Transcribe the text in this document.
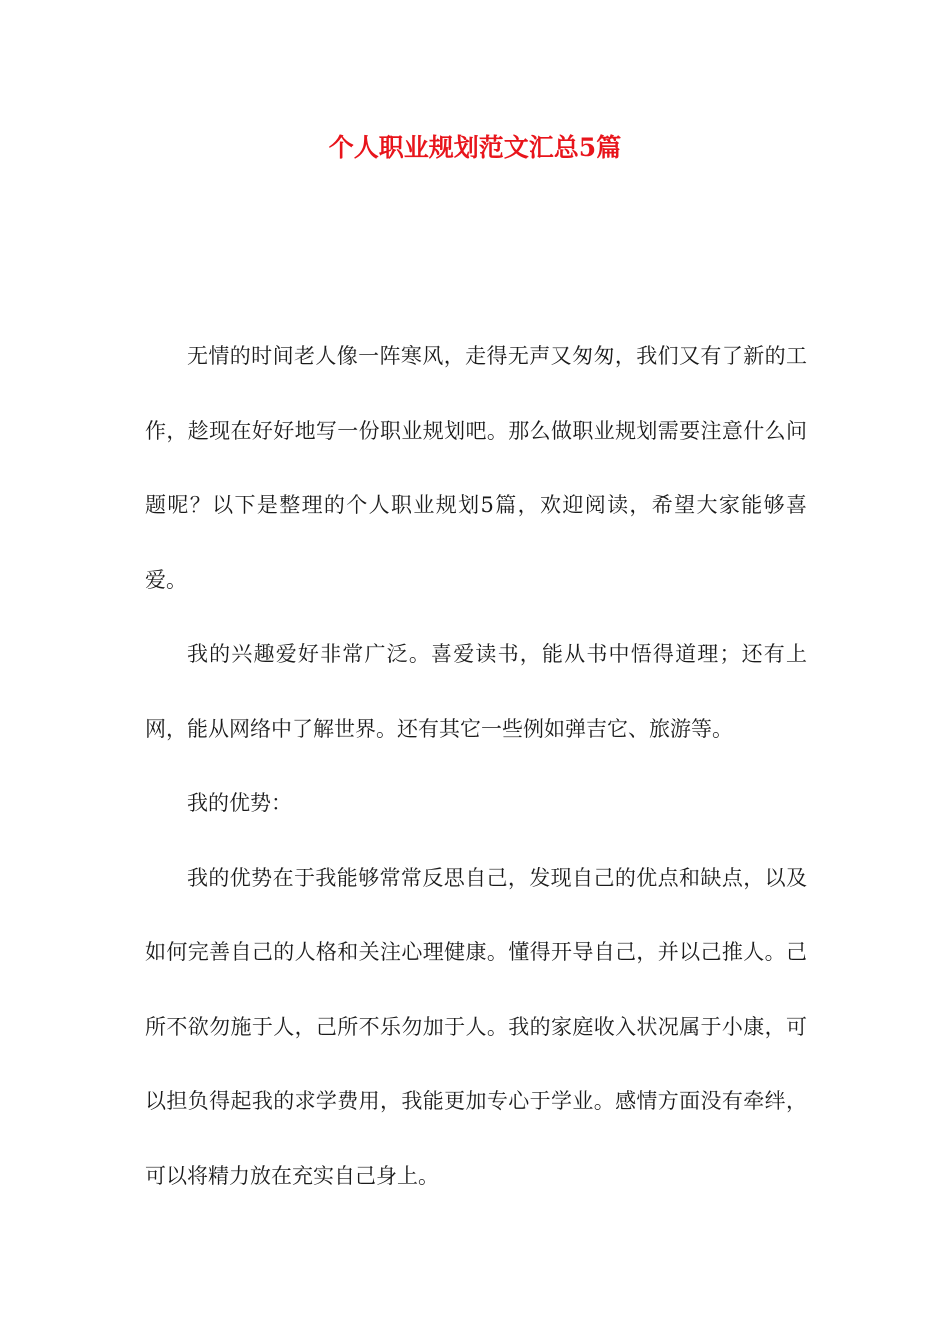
个人职业规划范文汇总5篇

无情的时间老人像一阵寒风，走得无声又匆匆，我们又有了新的工作，趁现在好好地写一份职业规划吧。那么做职业规划需要注意什么问题呢？以下是整理的个人职业规划5篇，欢迎阅读，希望大家能够喜爱。

我的兴趣爱好非常广泛。喜爱读书，能从书中悟得道理；还有上网，能从网络中了解世界。还有其它一些例如弹吉它、旅游等。

我的优势：

我的优势在于我能够常常反思自己，发现自己的优点和缺点，以及如何完善自己的人格和关注心理健康。懂得开导自己，并以己推人。己所不欲勿施于人，己所不乐勿加于人。我的家庭收入状况属于小康，可以担负得起我的求学费用，我能更加专心于学业。感情方面没有牵绊，可以将精力放在充实自己身上。
